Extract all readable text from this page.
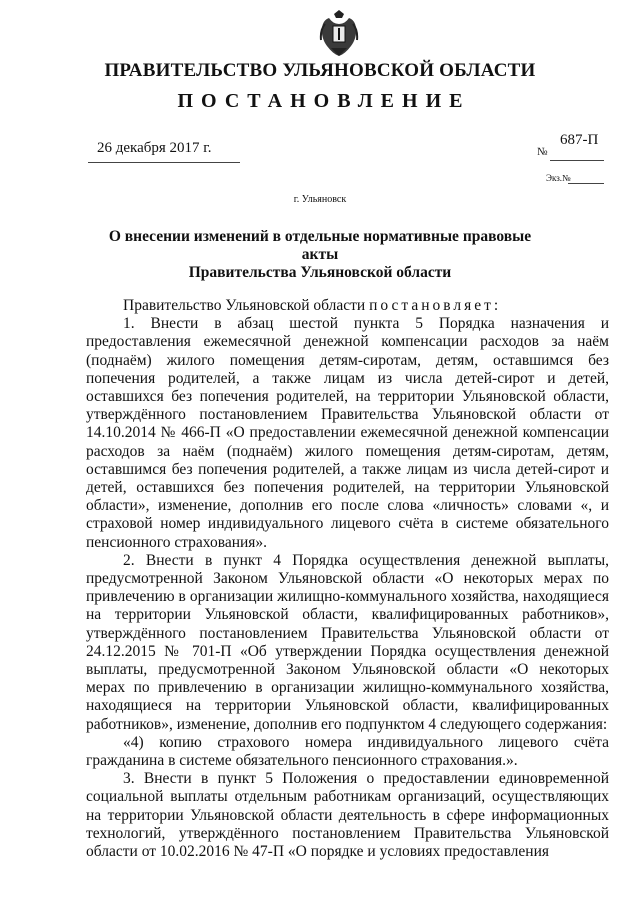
ПРАВИТЕЛЬСТВО УЛЬЯНОВСКОЙ ОБЛАСТИ
ПОСТАНОВЛЕНИЕ
26 декабря 2017 г.	687-П
№
Экз.№
г. Ульяновск
О внесении изменений в отдельные нормативные правовые акты
Правительства Ульяновской области

Правительство Ульяновской области постановляет:

1. Внести в абзац шестой пункта 5 Порядка назначения и предоставления ежемесячной денежной компенсации расходов за наём (поднаём) жилого помещения детям-сиротам, детям, оставшимся без попечения родителей, а также лицам из числа детей-сирот и детей, оставшихся без попечения родителей, на территории Ульяновской области, утверждённого постановлением Правительства Ульяновской области от 14.10.2014 № 466-П «О предоставлении ежемесячной денежной компенсации расходов за наём (поднаём) жилого помещения детям-сиротам, детям, оставшимся без попечения родителей, а также лицам из числа детей-сирот и детей, оставшихся без попечения родителей, на территории Ульяновской области», изменение, дополнив его после слова «личность» словами «, и страховой номер индивидуального лицевого счёта в системе обязательного пенсионного страхования».

2. Внести в пункт 4 Порядка осуществления денежной выплаты, предусмотренной Законом Ульяновской области «О некоторых мерах по привлечению в организации жилищно-коммунального хозяйства, находящиеся на территории Ульяновской области, квалифицированных работников», утверждённого постановлением Правительства Ульяновской области от 24.12.2015 № 701-П «Об утверждении Порядка осуществления денежной выплаты, предусмотренной Законом Ульяновской области «О некоторых мерах по привлечению в организации жилищно-коммунального хозяйства, находящиеся на территории Ульяновской области, квалифицированных работников», изменение, дополнив его подпунктом 4 следующего содержания:

«4) копию страхового номера индивидуального лицевого счёта гражданина в системе обязательного пенсионного страхования.».

3. Внести в пункт 5 Положения о предоставлении единовременной социальной выплаты отдельным работникам организаций, осуществляющих на территории Ульяновской области деятельность в сфере информационных технологий, утверждённого постановлением Правительства Ульяновской области от 10.02.2016 № 47-П «О порядке и условиях предоставления
